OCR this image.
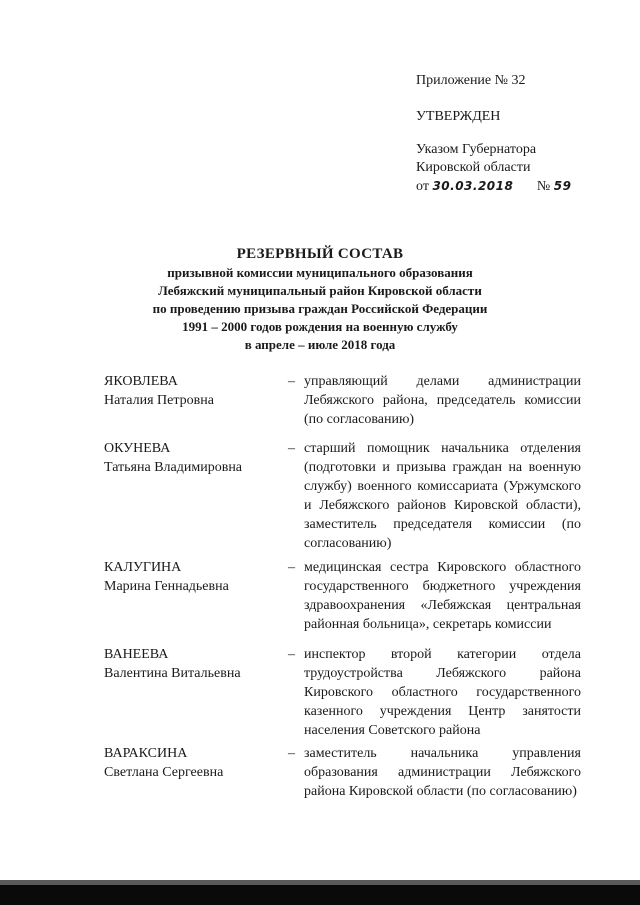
Приложение № 32
УТВЕРЖДЕН
Указом Губернатора
Кировской области
от 30.03.2018 № 59
РЕЗЕРВНЫЙ СОСТАВ
призывной комиссии муниципального образования
Лебяжский муниципальный район Кировской области
по проведению призыва граждан Российской Федерации
1991 – 2000 годов рождения на военную службу
в апреле – июле 2018 года
ЯКОВЛЕВА
Наталия Петровна
– управляющий делами администрации Лебяжского района, председатель комиссии (по согласованию)
ОКУНЕВА
Татьяна Владимировна
– старший помощник начальника отделения (подготовки и призыва граждан на военную службу) военного комиссариата (Уржумского и Лебяжского районов Кировской области), заместитель председателя комиссии (по согласованию)
КАЛУГИНА
Марина Геннадьевна
– медицинская сестра Кировского областного государственного бюджетного учреждения здравоохранения «Лебяжская центральная районная больница», секретарь комиссии
ВАНЕЕВА
Валентина Витальевна
– инспектор второй категории отдела трудоустройства Лебяжского района Кировского областного государственного казенного учреждения Центр занятости населения Советского района
ВАРАКСИНА
Светлана Сергеевна
– заместитель начальника управления образования администрации Лебяжского района Кировской области (по согласованию)
